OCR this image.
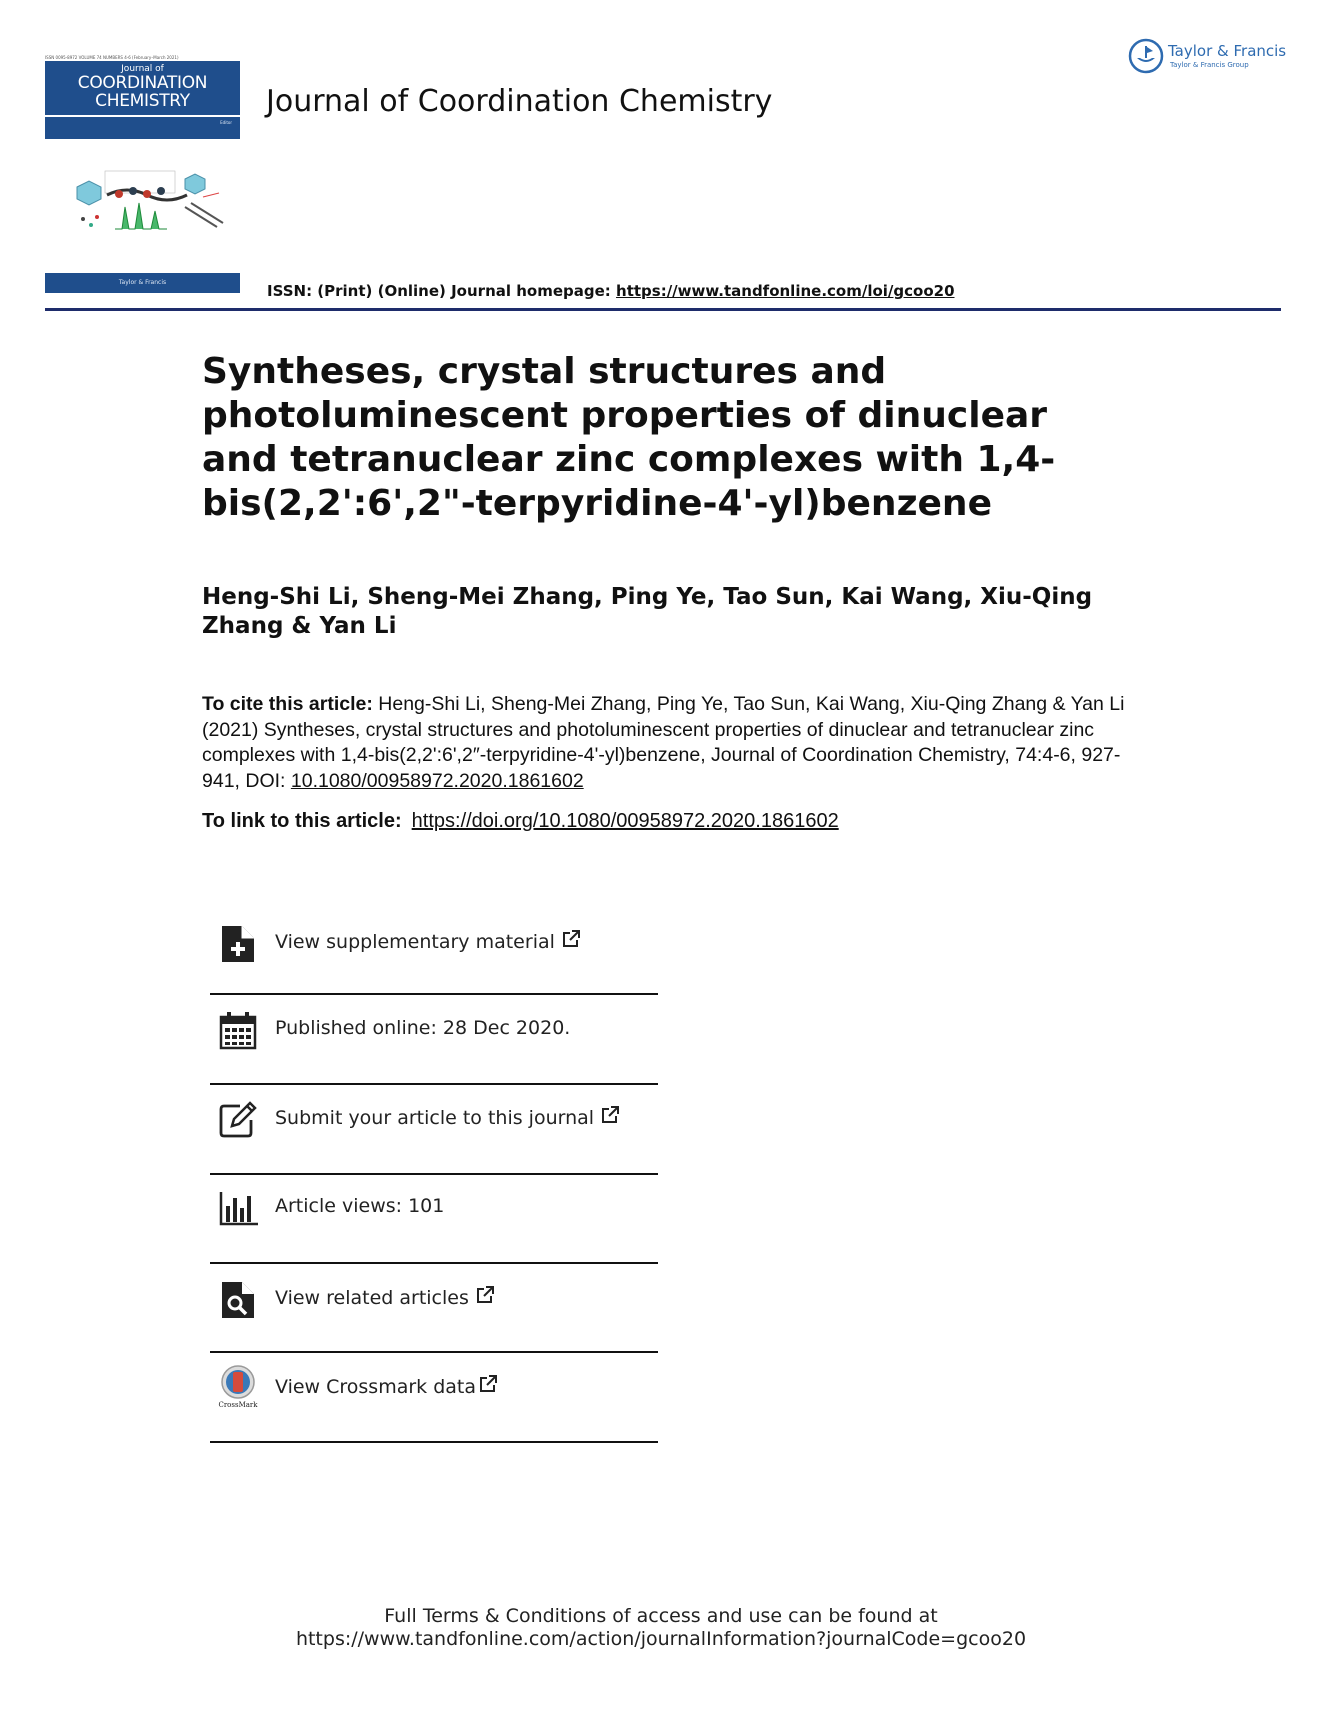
ISSN 0095-8972 VOLUME 74 NUMBERS 4-6 (February–March 2021)
Journal of
COORDINATION
CHEMISTRY
Editor
Taylor & Francis
Journal of Coordination Chemistry
Taylor & Francis
Taylor & Francis Group
ISSN: (Print) (Online) Journal homepage: https://www.tandfonline.com/loi/gcoo20
Syntheses, crystal structures and photoluminescent properties of dinuclear and tetranuclear zinc complexes with 1,4-bis(2,2':6',2"-terpyridine-4'-yl)benzene
Heng-Shi Li, Sheng-Mei Zhang, Ping Ye, Tao Sun, Kai Wang, Xiu-Qing Zhang & Yan Li
To cite this article: Heng-Shi Li, Sheng-Mei Zhang, Ping Ye, Tao Sun, Kai Wang, Xiu-Qing Zhang & Yan Li (2021) Syntheses, crystal structures and photoluminescent properties of dinuclear and tetranuclear zinc complexes with 1,4-bis(2,2':6',2″-terpyridine-4'-yl)benzene, Journal of Coordination Chemistry, 74:4-6, 927-941, DOI: 10.1080/00958972.2020.1861602
To link to this article: https://doi.org/10.1080/00958972.2020.1861602
View supplementary material
Published online: 28 Dec 2020.
Submit your article to this journal
Article views: 101
View related articles
CrossMark
View Crossmark data
Full Terms & Conditions of access and use can be found at
https://www.tandfonline.com/action/journalInformation?journalCode=gcoo20
